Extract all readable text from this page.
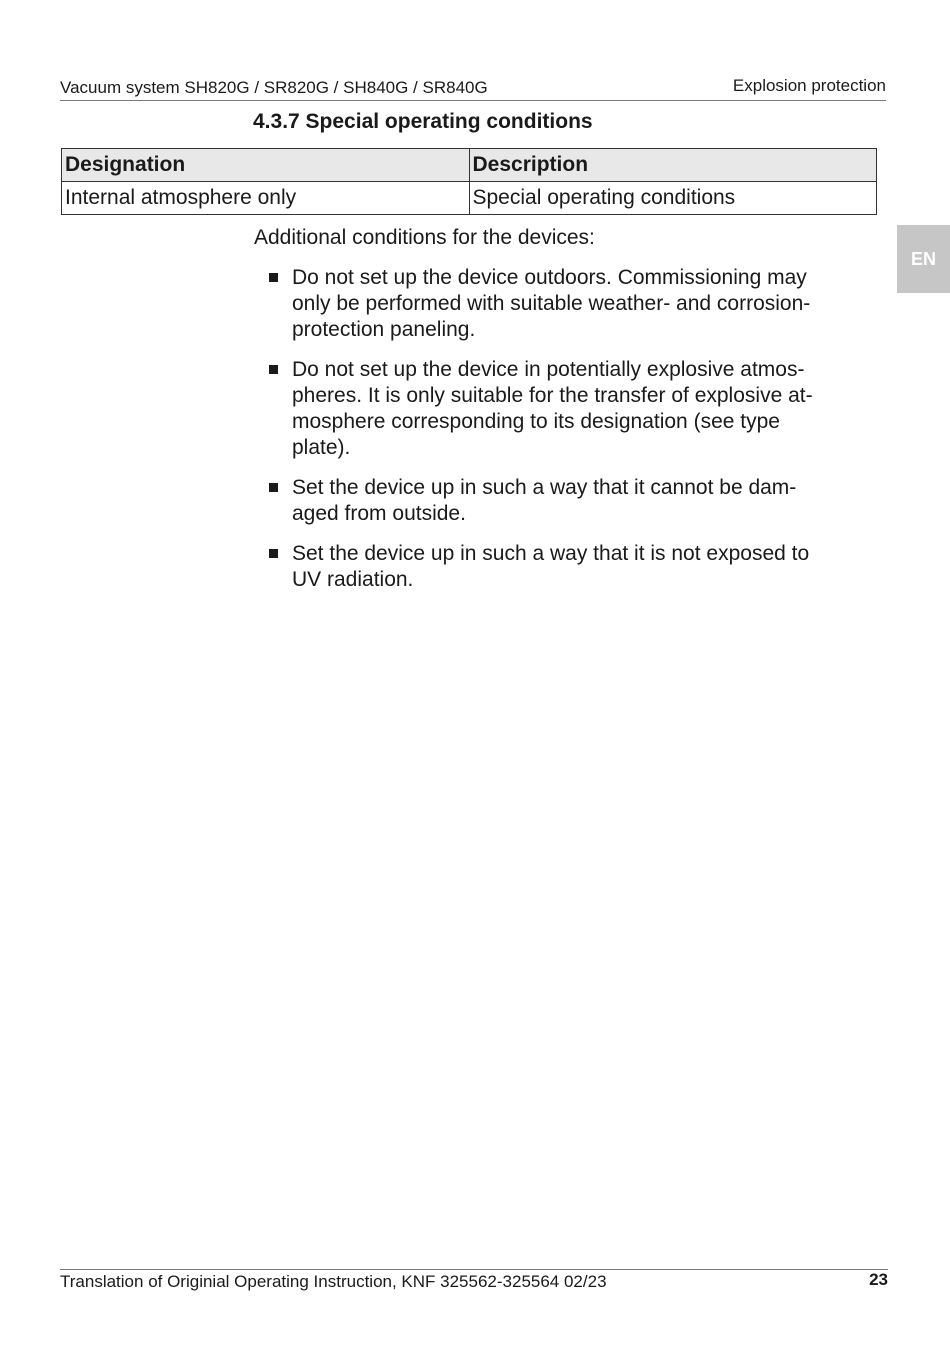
Vacuum system SH820G / SR820G / SH840G / SR840G	Explosion protection
4.3.7 Special operating conditions
Designation	Description
Internal atmosphere only	Special operating conditions
Additional conditions for the devices:
Do not set up the device outdoors. Commissioning may
only be performed with suitable weather- and corrosion-
protection paneling.
Do not set up the device in potentially explosive atmos-
pheres. It is only suitable for the transfer of explosive at-
mosphere corresponding to its designation (see type
plate).
Set the device up in such a way that it cannot be dam-
aged from outside.
Set the device up in such a way that it is not exposed to
UV radiation.
EN
Translation of Originial Operating Instruction, KNF 325562-325564 02/23	23
